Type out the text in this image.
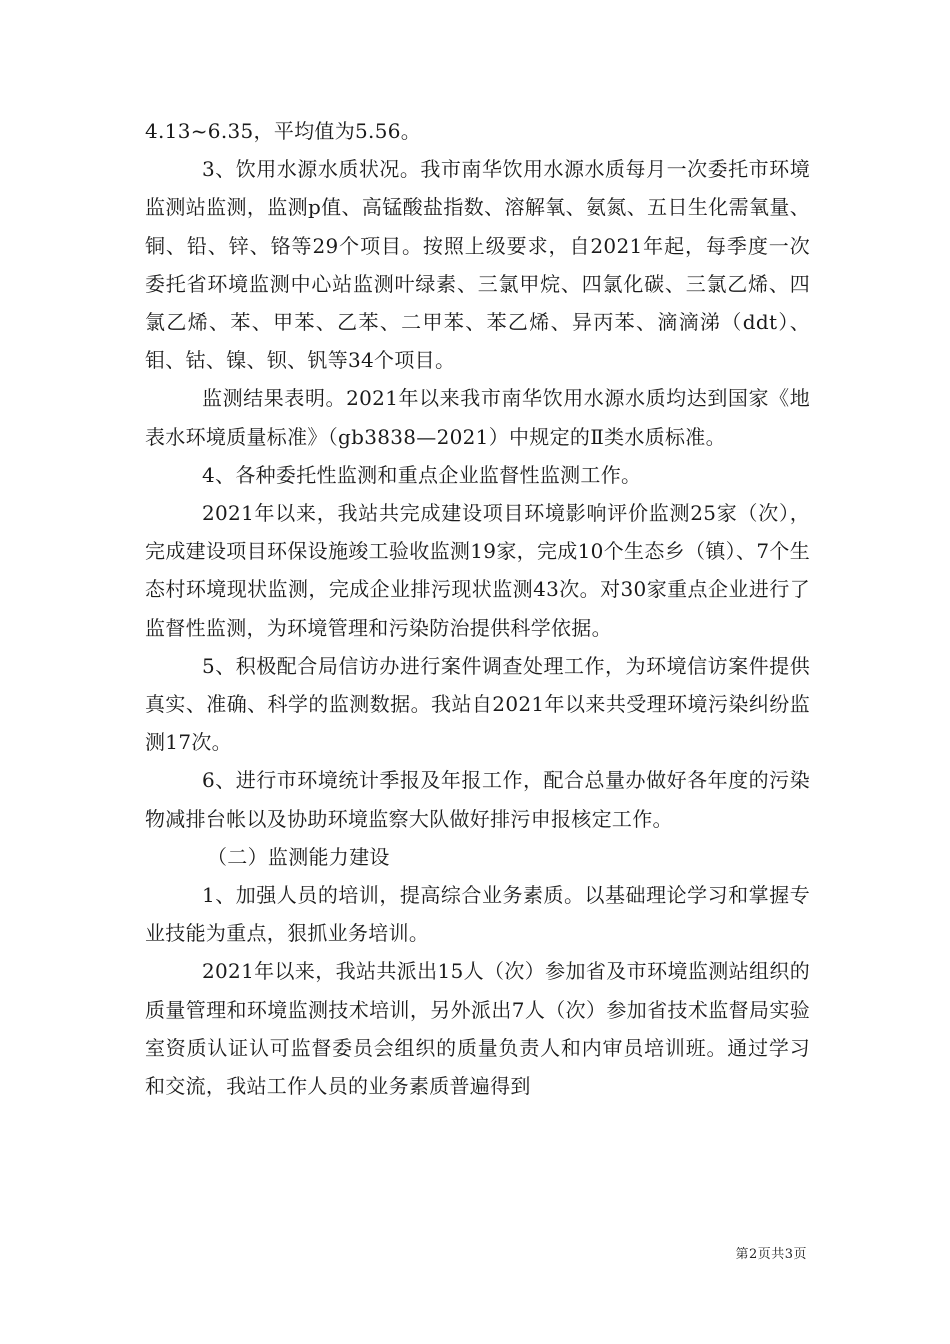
4.13~6.35，平均值为5.56。

3、饮用水源水质状况。我市南华饮用水源水质每月一次委托市环境监测站监测，监测p值、高锰酸盐指数、溶解氧、氨氮、五日生化需氧量、铜、铅、锌、铬等29个项目。按照上级要求，自2021年起，每季度一次委托省环境监测中心站监测叶绿素、三氯甲烷、四氯化碳、三氯乙烯、四氯乙烯、苯、甲苯、乙苯、二甲苯、苯乙烯、异丙苯、滴滴涕（ddt）、钼、钴、镍、钡、钒等34个项目。

监测结果表明。2021年以来我市南华饮用水源水质均达到国家《地表水环境质量标准》（gb3838—2021）中规定的Ⅱ类水质标准。

4、各种委托性监测和重点企业监督性监测工作。

2021年以来，我站共完成建设项目环境影响评价监测25家（次），完成建设项目环保设施竣工验收监测19家，完成10个生态乡（镇）、7个生态村环境现状监测，完成企业排污现状监测43次。对30家重点企业进行了监督性监测，为环境管理和污染防治提供科学依据。

5、积极配合局信访办进行案件调查处理工作，为环境信访案件提供真实、准确、科学的监测数据。我站自2021年以来共受理环境污染纠纷监测17次。

6、进行市环境统计季报及年报工作，配合总量办做好各年度的污染物减排台帐以及协助环境监察大队做好排污申报核定工作。

（二）监测能力建设

1、加强人员的培训，提高综合业务素质。以基础理论学习和掌握专业技能为重点，狠抓业务培训。

2021年以来，我站共派出15人（次）参加省及市环境监测站组织的质量管理和环境监测技术培训，另外派出7人（次）参加省技术监督局实验室资质认证认可监督委员会组织的质量负责人和内审员培训班。通过学习和交流，我站工作人员的业务素质普遍得到

第2页共3页
